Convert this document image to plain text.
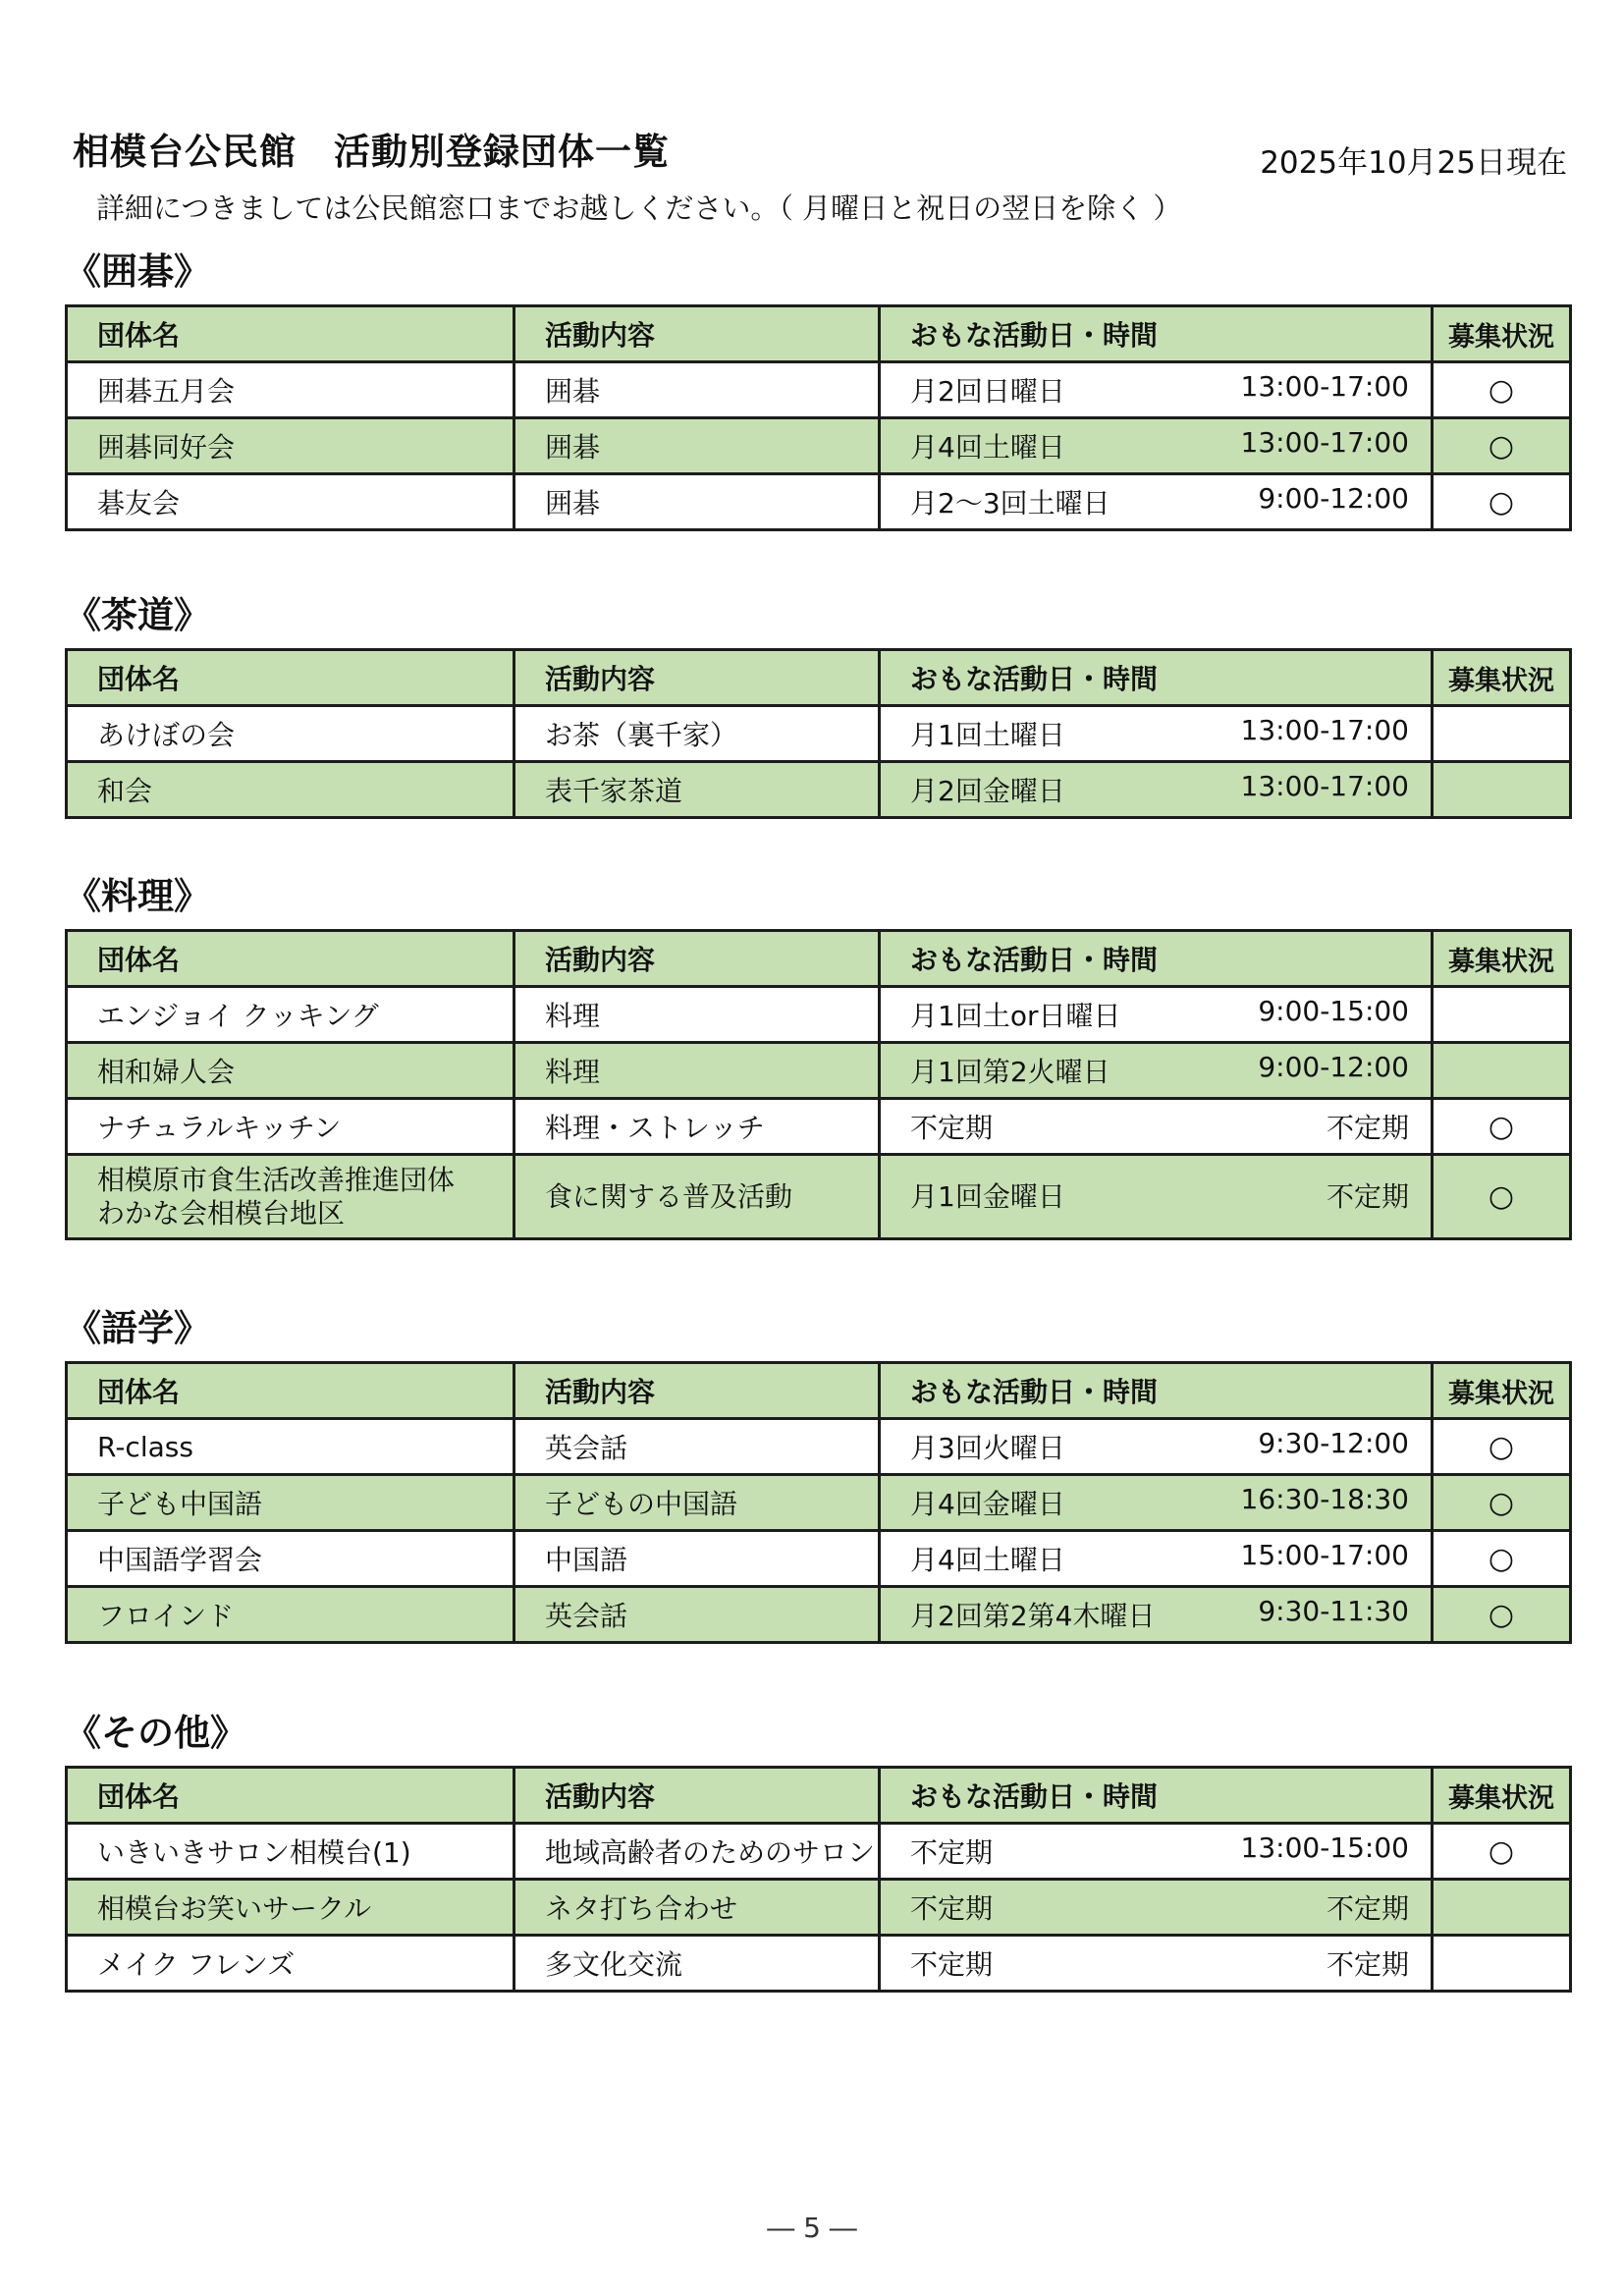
相模台公民館　活動別登録団体一覧	2025年10月25日現在
詳細につきましては公民館窓口までお越しください。（ 月曜日と祝日の翌日を除く ）
《囲碁》
団体名	活動内容	おもな活動日・時間	募集状況

囲碁五月会	囲碁	月2回日曜日 13:00-17:00	○

囲碁同好会	囲碁	月4回土曜日 13:00-17:00	○

碁友会	囲碁	月2～3回土曜日 9:00-12:00	○
《茶道》
団体名	活動内容	おもな活動日・時間	募集状況

あけぼの会	お茶（裏千家）	月1回土曜日 13:00-17:00	

和会	表千家茶道	月2回金曜日 13:00-17:00	

《料理》
団体名	活動内容	おもな活動日・時間	募集状況

エンジョイ クッキング	料理	月1回土or日曜日 9:00-15:00	

相和婦人会	料理	月1回第2火曜日 9:00-12:00	

ナチュラルキッチン	料理・ストレッチ	不定期 不定期	○

相模原市食生活改善推進団体
わかな会相模台地区	食に関する普及活動	月1回金曜日 不定期	○
《語学》
団体名	活動内容	おもな活動日・時間	募集状況

R-class	英会話	月3回火曜日 9:30-12:00	○

子ども中国語	子どもの中国語	月4回金曜日 16:30-18:30	○

中国語学習会	中国語	月4回土曜日 15:00-17:00	○

フロインド	英会話	月2回第2第4木曜日 9:30-11:30	○
《その他》
団体名	活動内容	おもな活動日・時間	募集状況

いきいきサロン相模台(1)	地域高齢者のためのサロン	不定期 13:00-15:00	○

相模台お笑いサークル	ネタ打ち合わせ	不定期 不定期	

メイク フレンズ	多文化交流	不定期 不定期	

― 5 ―
